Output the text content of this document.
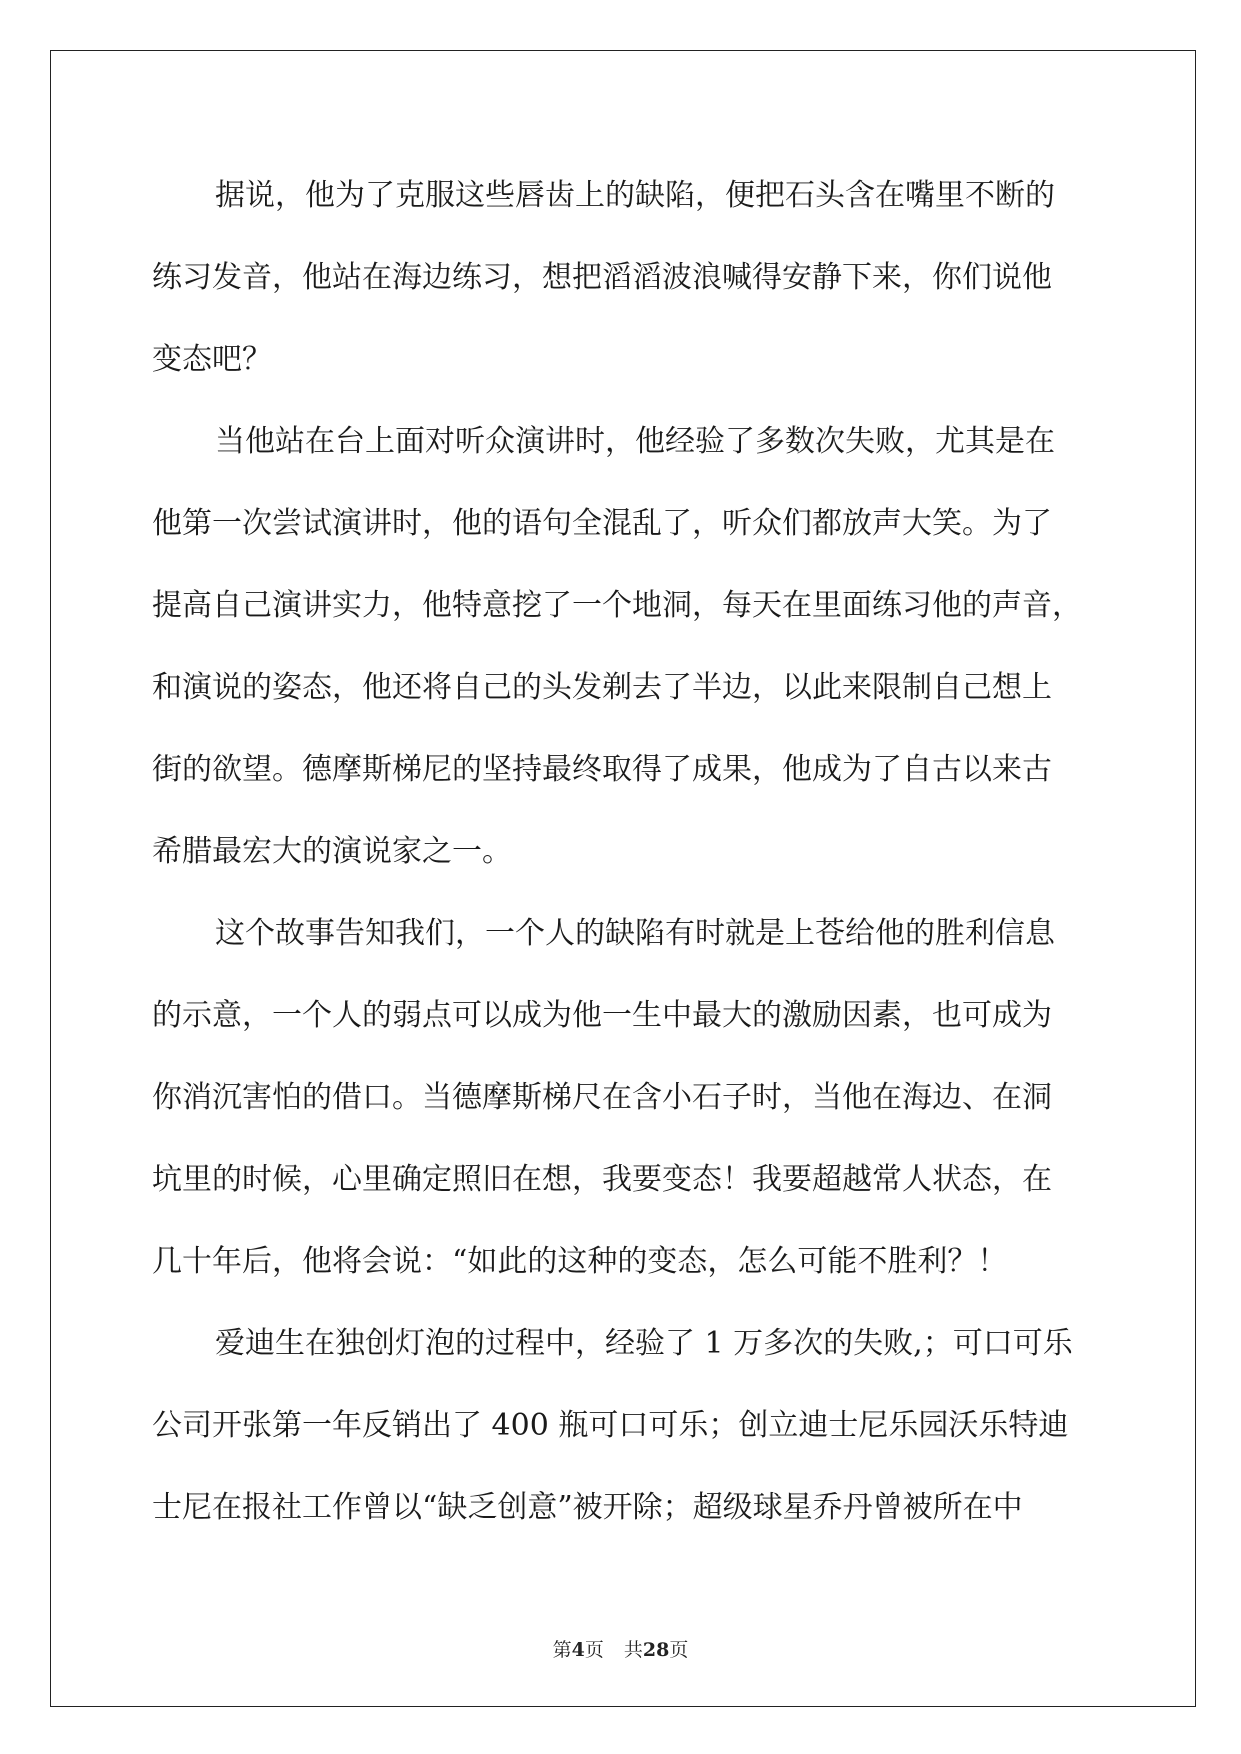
据说，他为了克服这些唇齿上的缺陷，便把石头含在嘴里不断的
练习发音，他站在海边练习，想把滔滔波浪喊得安静下来，你们说他
变态吧？
当他站在台上面对听众演讲时，他经验了多数次失败，尤其是在
他第一次尝试演讲时，他的语句全混乱了，听众们都放声大笑。为了
提高自己演讲实力，他特意挖了一个地洞，每天在里面练习他的声音，
和演说的姿态，他还将自己的头发剃去了半边，以此来限制自己想上
街的欲望。德摩斯梯尼的坚持最终取得了成果，他成为了自古以来古
希腊最宏大的演说家之一。
这个故事告知我们，一个人的缺陷有时就是上苍给他的胜利信息
的示意，一个人的弱点可以成为他一生中最大的激励因素，也可成为
你消沉害怕的借口。当德摩斯梯尺在含小石子时，当他在海边、在洞
坑里的时候，心里确定照旧在想，我要变态！我要超越常人状态，在
几十年后，他将会说：“如此的这种的变态，怎么可能不胜利？！
爱迪生在独创灯泡的过程中，经验了 1 万多次的失败,；可口可乐
公司开张第一年反销出了 400 瓶可口可乐；创立迪士尼乐园沃乐特迪
士尼在报社工作曾以“缺乏创意”被开除；超级球星乔丹曾被所在中
第4页 共28页
